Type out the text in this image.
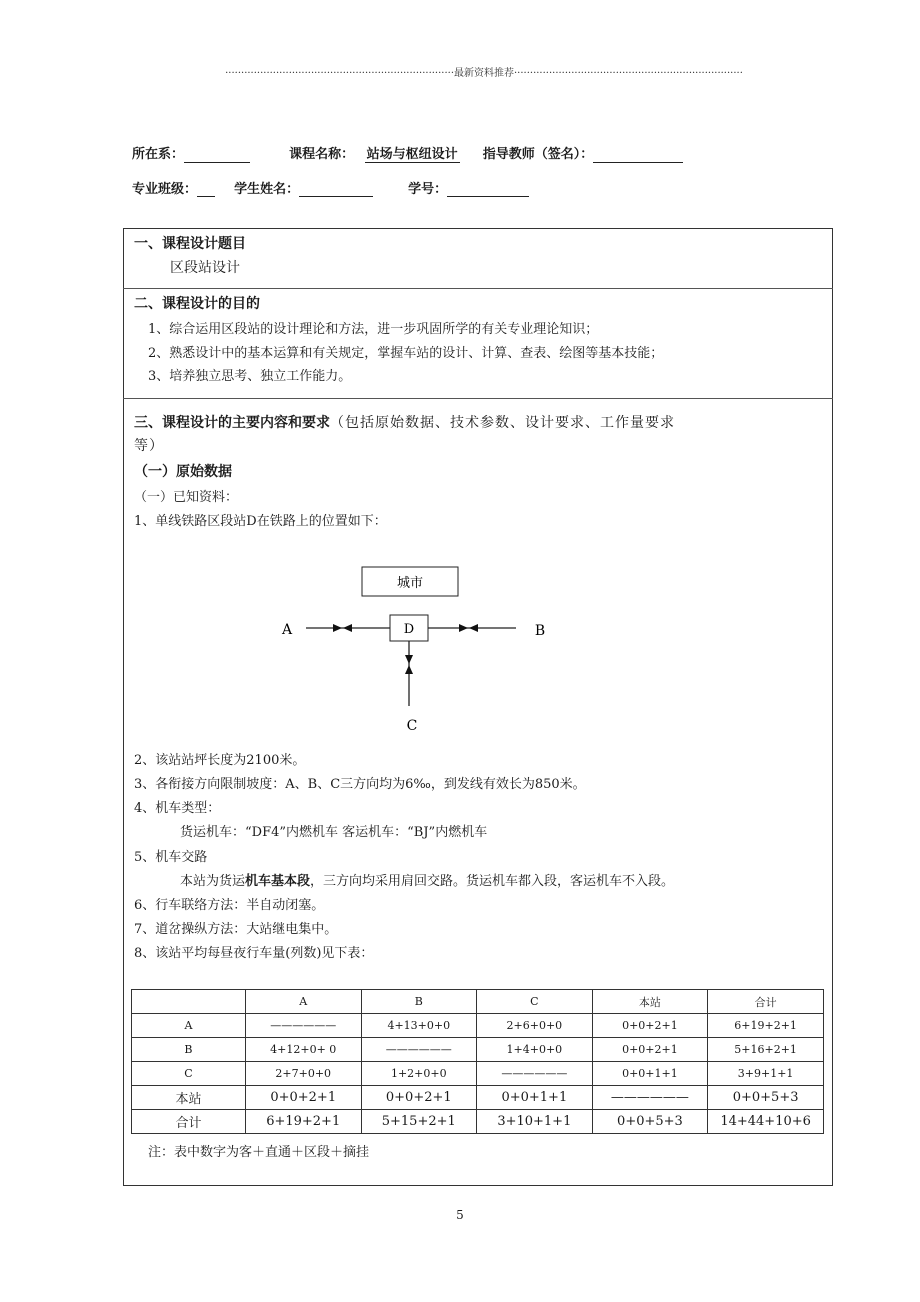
········································································最新资料推荐········································································
所在系：	课程名称： 站场与枢纽设计 指导教师（签名）：
专业班级：	学生姓名：	学号：
一、课程设计题目
区段站设计
二、课程设计的目的
1、综合运用区段站的设计理论和方法，进一步巩固所学的有关专业理论知识；
2、熟悉设计中的基本运算和有关规定，掌握车站的设计、计算、查表、绘图等基本技能；
3、培养独立思考、独立工作能力。
三、课程设计的主要内容和要求（包括原始数据、技术参数、设计要求、工作量要求
等）
（一）原始数据
（一）已知资料：
1、单线铁路区段站D在铁路上的位置如下：
城市
D
A	B
C
2、该站站坪长度为2100米。
3、各衔接方向限制坡度：A、B、C三方向均为6‰，到发线有效长为850米。
4、机车类型：
货运机车：“DF4”内燃机车 客运机车：“BJ”内燃机车
5、机车交路
本站为货运机车基本段，三方向均采用肩回交路。货运机车都入段，客运机车不入段。
6、行车联络方法：半自动闭塞。
7、道岔操纵方法：大站继电集中。
8、该站平均每昼夜行车量(列数)见下表：
	A	B	C	本站	合计
A	——————	4+13+0+0	2+6+0+0	0+0+2+1	6+19+2+1
B	4+12+0+ 0	——————	1+4+0+0	0+0+2+1	5+16+2+1
C	2+7+0+0	1+2+0+0	——————	0+0+1+1	3+9+1+1
本站	0+0+2+1	0+0+2+1	0+0+1+1	——————	0+0+5+3
合计	6+19+2+1	5+15+2+1	3+10+1+1	0+0+5+3	14+44+10+6
注：表中数字为客＋直通＋区段＋摘挂
5
